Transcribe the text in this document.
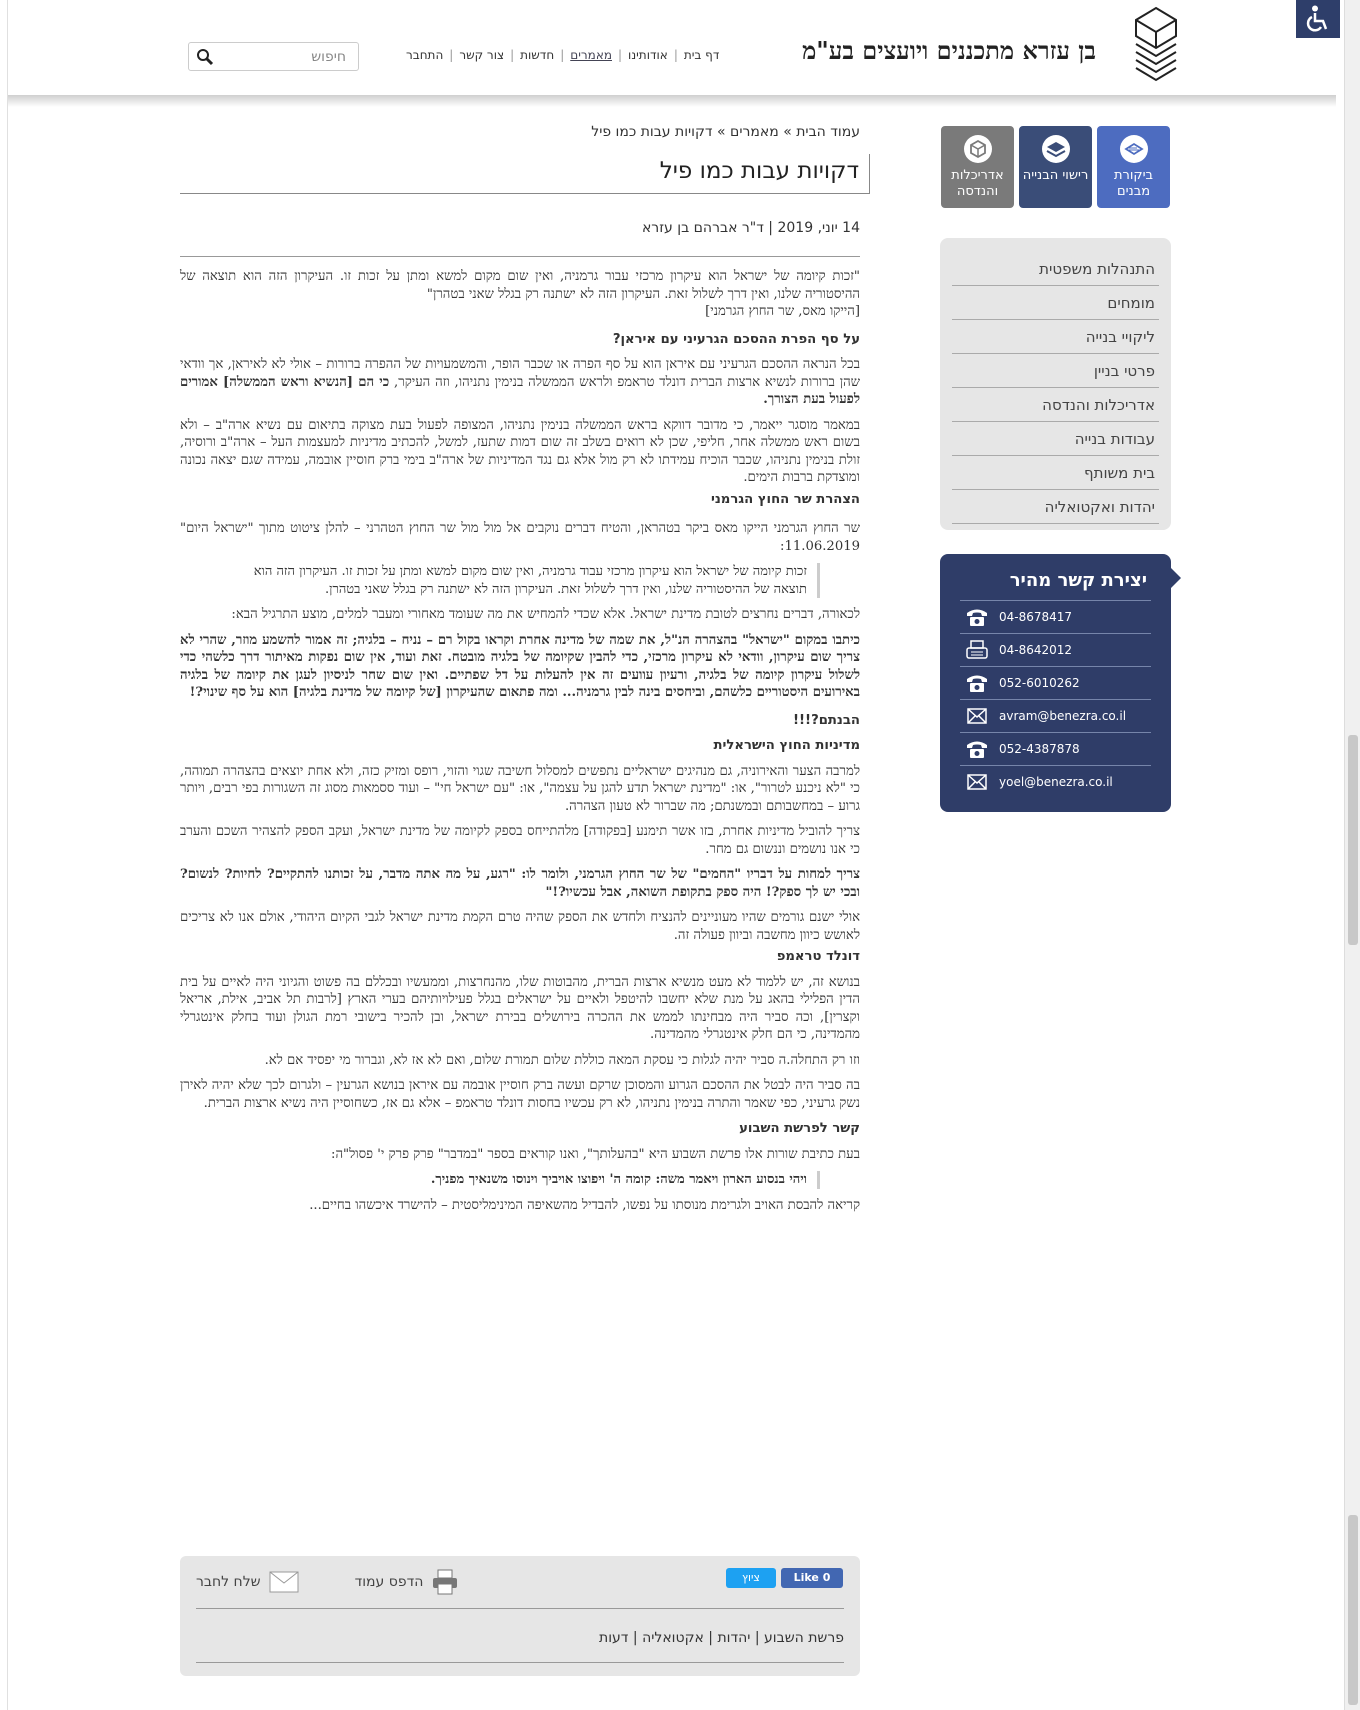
בן עזרא מתכננים ויועצים בע"מ
דף בית
|
אודותינו
|
מאמרים
|
חדשות
|
צור קשר
|
התחבר
חיפוש
ביקורת מבנים
רישוי הבנייה
אדריכלות והנדסה
התנהלות משפטית
מומחים
ליקויי בנייה
פרטי בניין
אדריכלות והנדסה
עבודות בנייה
בית משותף
יהדות ואקטואליה
יצירת קשר מהיר
04-8678417
04-8642012
052-6010262
avram@benezra.co.il
052-4387878
yoel@benezra.co.il
עמוד הבית » מאמרים » דקויות עבות כמו פיל
דקויות עבות כמו פיל
14 יוני, 2019 | ד"ר אברהם בן עזרא

"זכות קיומה של ישראל הוא עיקרון מרכזי עבור גרמניה, ואין שום מקום למשא ומתן על זכות זו. העיקרון הזה הוא תוצאה של ההיסטוריה שלנו, ואין דרך לשלול זאת. העיקרון הזה לא ישתנה רק בגלל שאני בטהרן"
[הייקו מאס, שר החוץ הגרמני]

על סף הפרת ההסכם הגרעיני עם איראן?

בכל הנראה ההסכם הגרעיני עם איראן הוא על סף הפרה או שכבר הופר, והמשמעויות של ההפרה ברורות – אולי לא לאיראן, אך וודאי שהן ברורות לנשיא ארצות הברית דונלד טראמפ ולראש הממשלה בנימין נתניהו, וזה העיקר, כי הם [הנשיא וראש הממשלה] אמורים לפעול בעת הצורך.

במאמר מוסגר ייאמר, כי מדובר דווקא בראש הממשלה בנימין נתניהו, המצופה לפעול בעת מצוקה בתיאום עם נשיא ארה"ב – ולא בשום ראש ממשלה אחר, חליפי, שכן לא רואים בשלב זה שום דמות שתעז, למשל, להכתיב מדיניות למעצמות העל – ארה"ב ורוסיה, זולת בנימין נתניהו, שכבר הוכיח עמידתו לא רק מול אלא גם נגד המדיניות של ארה"ב בימי ברק חוסיין אובמה, עמידה שגם יצאה נכונה ומוצדקת ברבות הימים.

הצהרת שר החוץ הגרמני

שר החוץ הגרמני הייקו מאס ביקר בטהראן, והטיח דברים נוקבים אל מול מול שר החוץ הטהרני – להלן ציטוט מתוך "ישראל היום" 11.06.2019:

זכות קיומה של ישראל הוא עיקרון מרכזי עבוד גרמניה, ואין שום מקום למשא ומתן על זכות זו. העיקרון הזה הוא תוצאה של ההיסטוריה שלנו, ואין דרך לשלול זאת. העיקרון הזה לא ישתנה רק בגלל שאני בטהרן.

לכאורה, דברים נחרצים לטובת מדינת ישראל. אלא שכדי להמחיש את מה שעומד מאחורי ומעבר למלים, מוצע התרגיל הבא:

כיתבו במקום "ישראל" בהצהרה הנ"ל, את שמה של מדינה אחרת וקראו בקול רם – נניח – בלגיה; זה אמור להשמע מוזר, שהרי לא צריך שום עיקרון, וודאי לא עיקרון מרכזי, כדי להבין שקיומה של בלגיה מובטח. זאת ועוד, אין שום נפקות מאיתור דרך כלשהי כדי לשלול עיקרון קיומה של בלגיה, ורעיון עוועים זה אין להעלות על דל שפתיים. ואין שום שחר לניסיון לעגן את קיומה של בלגיה באירועים היסטוריים כלשהם, וביחסים בינה לבין גרמניה... ומה פתאום שהעיקרון [של קיומה של מדינת בלגיה] הוא על סף שינוי?!

הבנתם?!!!
מדיניות החוץ הישראלית

למרבה הצער והאירוניה, גם מנהיגים ישראליים נתפשים למסלול חשיבה שגוי והזוי, רופס ומזיק כזה, ולא אחת יוצאים בהצהרה תמוהה, כי "לא ניכנע לטרור", או: "מדינת ישראל תדע להגן על עצמה", או: "עם ישראל חי" – ועוד ססמאות מסוג זה השגורות בפי רבים, ויותר גרוע – במחשבותם ובמשנתם; מה שברור לא טעון הצהרה.

צריך להוביל מדיניות אחרת, בזו אשר תימנע [בפקודה] מלהתייחס בספק לקיומה של מדינת ישראל, ועקב הספק להצהיר השכם והערב כי אנו נושמים וננשום גם מחר.

צריך למחות על דבריו "החמים" של שר החוץ הגרמני, ולומר לו: "רגע, על מה אתה מדבר, על זכותנו להתקיים? לחיות? לנשום? ובכי יש לך ספק?! היה ספק בתקופת השואה, אבל עכשיו?!"

אולי ישנם גורמים שהיו מעוניינים להנציח ולחדש את הספק שהיה טרם הקמת מדינת ישראל לגבי הקיום היהודי, אולם אנו לא צריכים לאושש כיוון מחשבה וביוון פעולה זה.

דונלד טראמפ

בנושא זה, יש ללמוד לא מעט מנשיא ארצות הברית, מהבוטות שלו, מהנחרצות, וממעשיו ובכללם בה פשוט והגיוני היה לאיים על בית הדין הפלילי בהאג על מנת שלא יחשבו להיטפל ולאיים על ישראלים בגלל פעילויותיהם בערי הארץ [לרבות תל אביב, אילת, אריאל וקצרין], וכה סביר היה מבחינתו לממש את ההכרה בירושלים בבירת ישראל, ובן להכיר בישובי רמת הגולן ועוד בחלק אינטגרלי מהמדינה, כי הם חלק אינטגרלי מהמדינה.

וזו רק התחלה.ה סביר יהיה לגלות כי עסקת המאה כוללת שלום תמורת שלום, ואם לא אז לא, וגברור מי יפסיד אם לא.

בה סביר היה לבטל את ההסכם הגרוע והמסוכן שרקם ועשה ברק חוסיין אובמה עם איראן בנושא הגרעין – ולגרום לכך שלא יהיה לאירן נשק גרעיני, כפי שאמר והתרה בנימין נתניהו, לא רק עכשיו בחסות דונלד טראמפ – אלא גם אז, כשחוסיין היה נשיא ארצות הברית.

קשר לפרשת השבוע

בעת כתיבת שורות אלו פרשת השבוע היא "בהעלותך", ואנו קוראים בספר "במדבר" פרק פרק י' פסול"ה:

ויהי בנסוע הארון ויאמר משה: קומה ה' ויפוצו אויביך וינוסו משנאיך מפניך.

קריאה להבסת האויב ולגרימת מנוסתו על נפשו, להבדיל מהשאיפה המינימליסטית – להישרד איכשהו בחיים...

ציוץ	Like 0
שלח לחבר	הדפס עמוד
פרשת השבוע | יהדות | אקטואליה | דעות
